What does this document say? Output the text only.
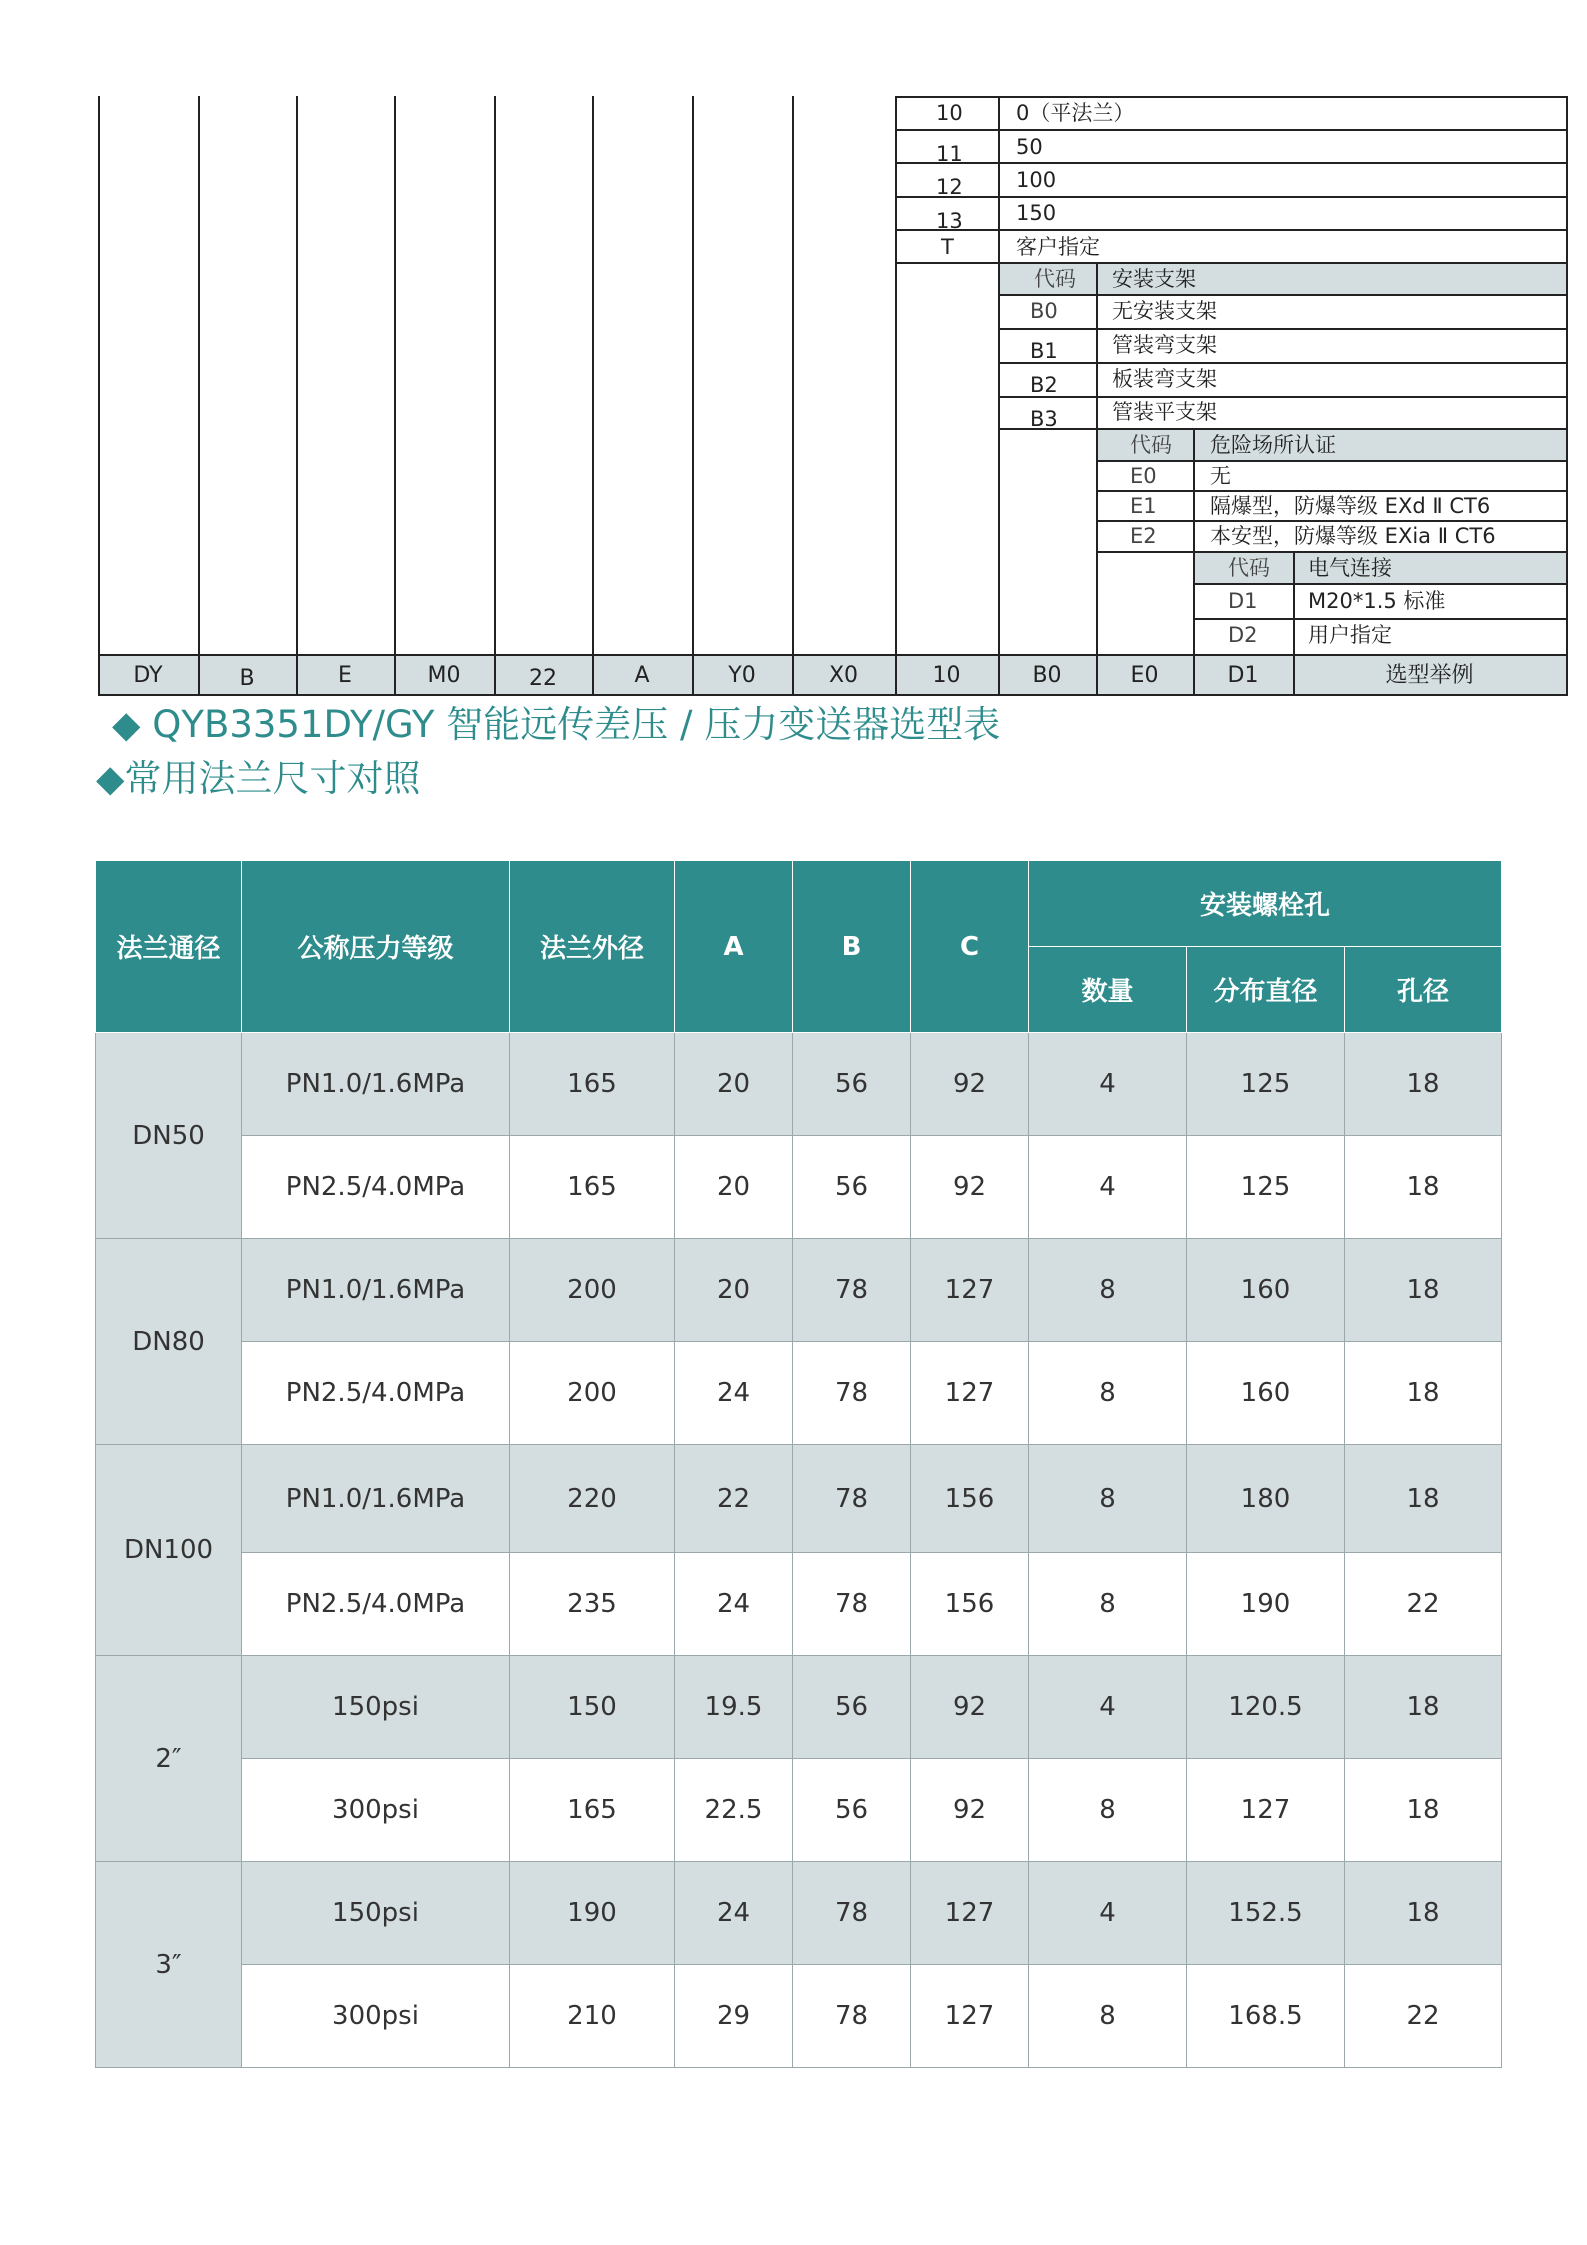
10	0（平法兰）
11	50
12	100
13	150
T	客户指定
代码 安装支架
B0	无安装支架
B1	管装弯支架
B2	板装弯支架
B3	管装平支架
代码 危险场所认证
E0	无
E1	隔爆型，防爆等级 EXd Ⅱ CT6
E2	本安型，防爆等级 EXia Ⅱ CT6
代码 电气连接
D1 M20*1.5 标准
D2 用户指定
DY	B	E	M0	22	A	Y0	X0	10	B0	E0	D1	选型举例
◆ QYB3351DY/GY 智能远传差压 / 压力变送器选型表
◆常用法兰尺寸对照
法兰通径	公称压力等级	法兰外径	A	B	C	安装螺栓孔		
						数量	分布直径	孔径
DN50	PN1.0/1.6MPa	165	20	56	92	4	125	18
	PN2.5/4.0MPa	165	20	56	92	4	125	18
DN80	PN1.0/1.6MPa	200	20	78	127	8	160	18
	PN2.5/4.0MPa	200	24	78	127	8	160	18
DN100	PN1.0/1.6MPa	220	22	78	156	8	180	18
	PN2.5/4.0MPa	235	24	78	156	8	190	22
2″	150psi	150	19.5	56	92	4	120.5	18
	300psi	165	22.5	56	92	8	127	18
3″	150psi	190	24	78	127	4	152.5	18
	300psi	210	29	78	127	8	168.5	22
